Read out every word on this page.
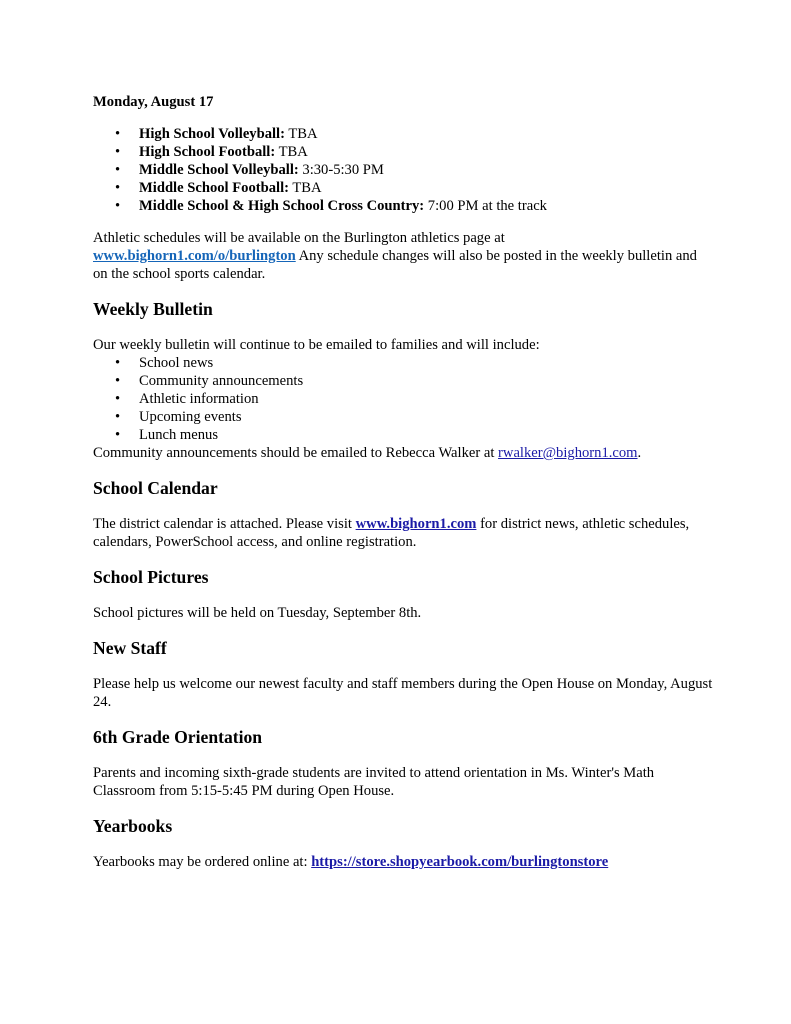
Monday, August 17

• High School Volleyball: TBA
• High School Football: TBA
• Middle School Volleyball: 3:30-5:30 PM
• Middle School Football: TBA
• Middle School & High School Cross Country: 7:00 PM at the track

Athletic schedules will be available on the Burlington athletics page at
www.bighorn1.com/o/burlington Any schedule changes will also be posted in the weekly bulletin and on the school sports calendar.

Weekly Bulletin

Our weekly bulletin will continue to be emailed to families and will include:

• School news
• Community announcements
• Athletic information
• Upcoming events
• Lunch menus

Community announcements should be emailed to Rebecca Walker at rwalker@bighorn1.com.

School Calendar

The district calendar is attached. Please visit www.bighorn1.com for district news, athletic schedules, calendars, PowerSchool access, and online registration.

School Pictures

School pictures will be held on Tuesday, September 8th.

New Staff

Please help us welcome our newest faculty and staff members during the Open House on Monday, August 24.

6th Grade Orientation

Parents and incoming sixth-grade students are invited to attend orientation in Ms. Winter's Math Classroom from 5:15-5:45 PM during Open House.

Yearbooks

Yearbooks may be ordered online at: https://store.shopyearbook.com/burlingtonstore
